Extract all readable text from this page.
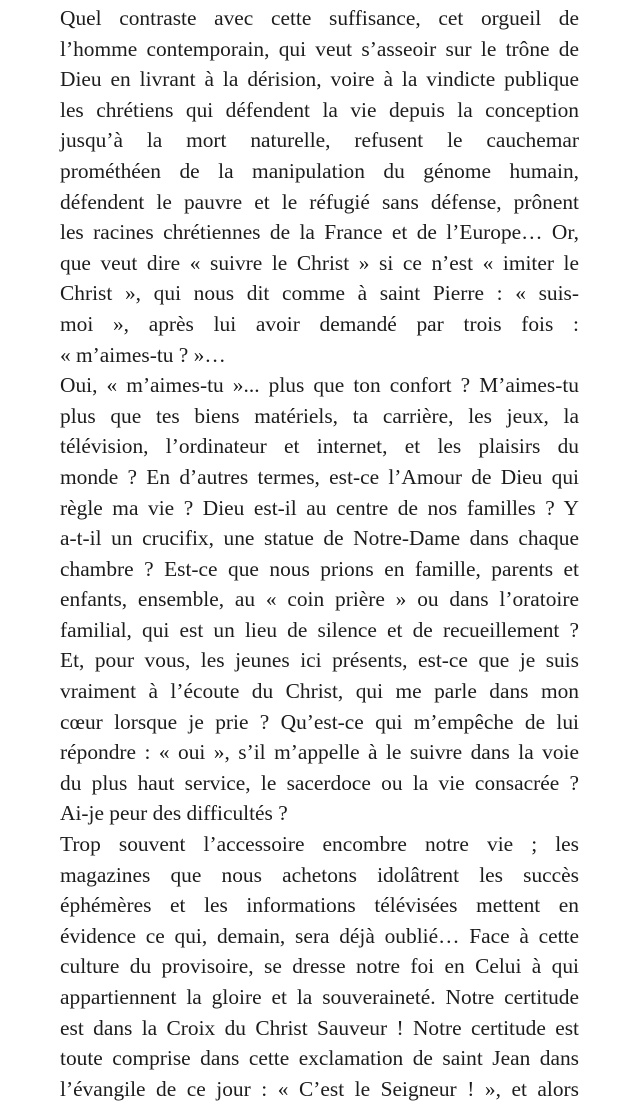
Quel contraste avec cette suffisance, cet orgueil de
l’homme contemporain, qui veut s’asseoir sur le trône de
Dieu en livrant à la dérision, voire à la vindicte publique
les chrétiens qui défendent la vie depuis la conception
jusqu’à la mort naturelle, refusent le cauchemar
prométhéen de la manipulation du génome humain,
défendent le pauvre et le réfugié sans défense, prônent
les racines chrétiennes de la France et de l’Europe… Or,
que veut dire « suivre le Christ » si ce n’est « imiter le
Christ », qui nous dit comme à saint Pierre : « suis-
moi », après lui avoir demandé par trois fois :
« m’aimes-tu ? »…
Oui, « m’aimes-tu »... plus que ton confort ? M’aimes-tu
plus que tes biens matériels, ta carrière, les jeux, la
télévision, l’ordinateur et internet, et les plaisirs du
monde ? En d’autres termes, est-ce l’Amour de Dieu qui
règle ma vie ? Dieu est-il au centre de nos familles ? Y
a-t-il un crucifix, une statue de Notre-Dame dans chaque
chambre ? Est-ce que nous prions en famille, parents et
enfants, ensemble, au « coin prière » ou dans l’oratoire
familial, qui est un lieu de silence et de recueillement ?
Et, pour vous, les jeunes ici présents, est-ce que je suis
vraiment à l’écoute du Christ, qui me parle dans mon
cœur lorsque je prie ? Qu’est-ce qui m’empêche de lui
répondre : « oui », s’il m’appelle à le suivre dans la voie
du plus haut service, le sacerdoce ou la vie consacrée ?
Ai-je peur des difficultés ?
Trop souvent l’accessoire encombre notre vie ; les
magazines que nous achetons idolâtrent les succès
éphémères et les informations télévisées mettent en
évidence ce qui, demain, sera déjà oublié… Face à cette
culture du provisoire, se dresse notre foi en Celui à qui
appartiennent la gloire et la souveraineté. Notre certitude
est dans la Croix du Christ Sauveur ! Notre certitude est
toute comprise dans cette exclamation de saint Jean dans
l’évangile de ce jour : « C’est le Seigneur ! », et alors
